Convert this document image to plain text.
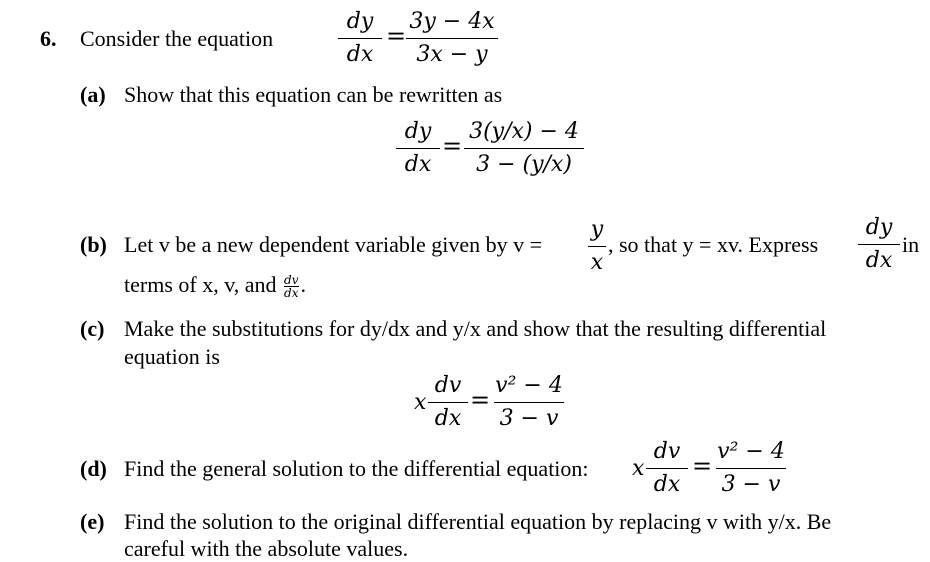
6. Consider the equation
dy
dx
=
3y − 4x
3x − y
(a) Show that this equation can be rewritten as
dy
dx
=
3(y/x) − 4
3 − (y/x)
(b) Let v be a new dependent variable given by v =
y
x
, so that y = xv. Express
dy
dx
in
terms of x, v, and $\frac{dv}{dx}$ .
(c) Make the substitutions for dy/dx and y/x and show that the resulting differential
equation is
x
dv
dx
=
v² − 4
3 − v
(d) Find the general solution to the differential equation: x
dv
dx
=
v² − 4
3 − v
(e) Find the solution to the original differential equation by replacing v with y/x. Be
careful with the absolute values.
